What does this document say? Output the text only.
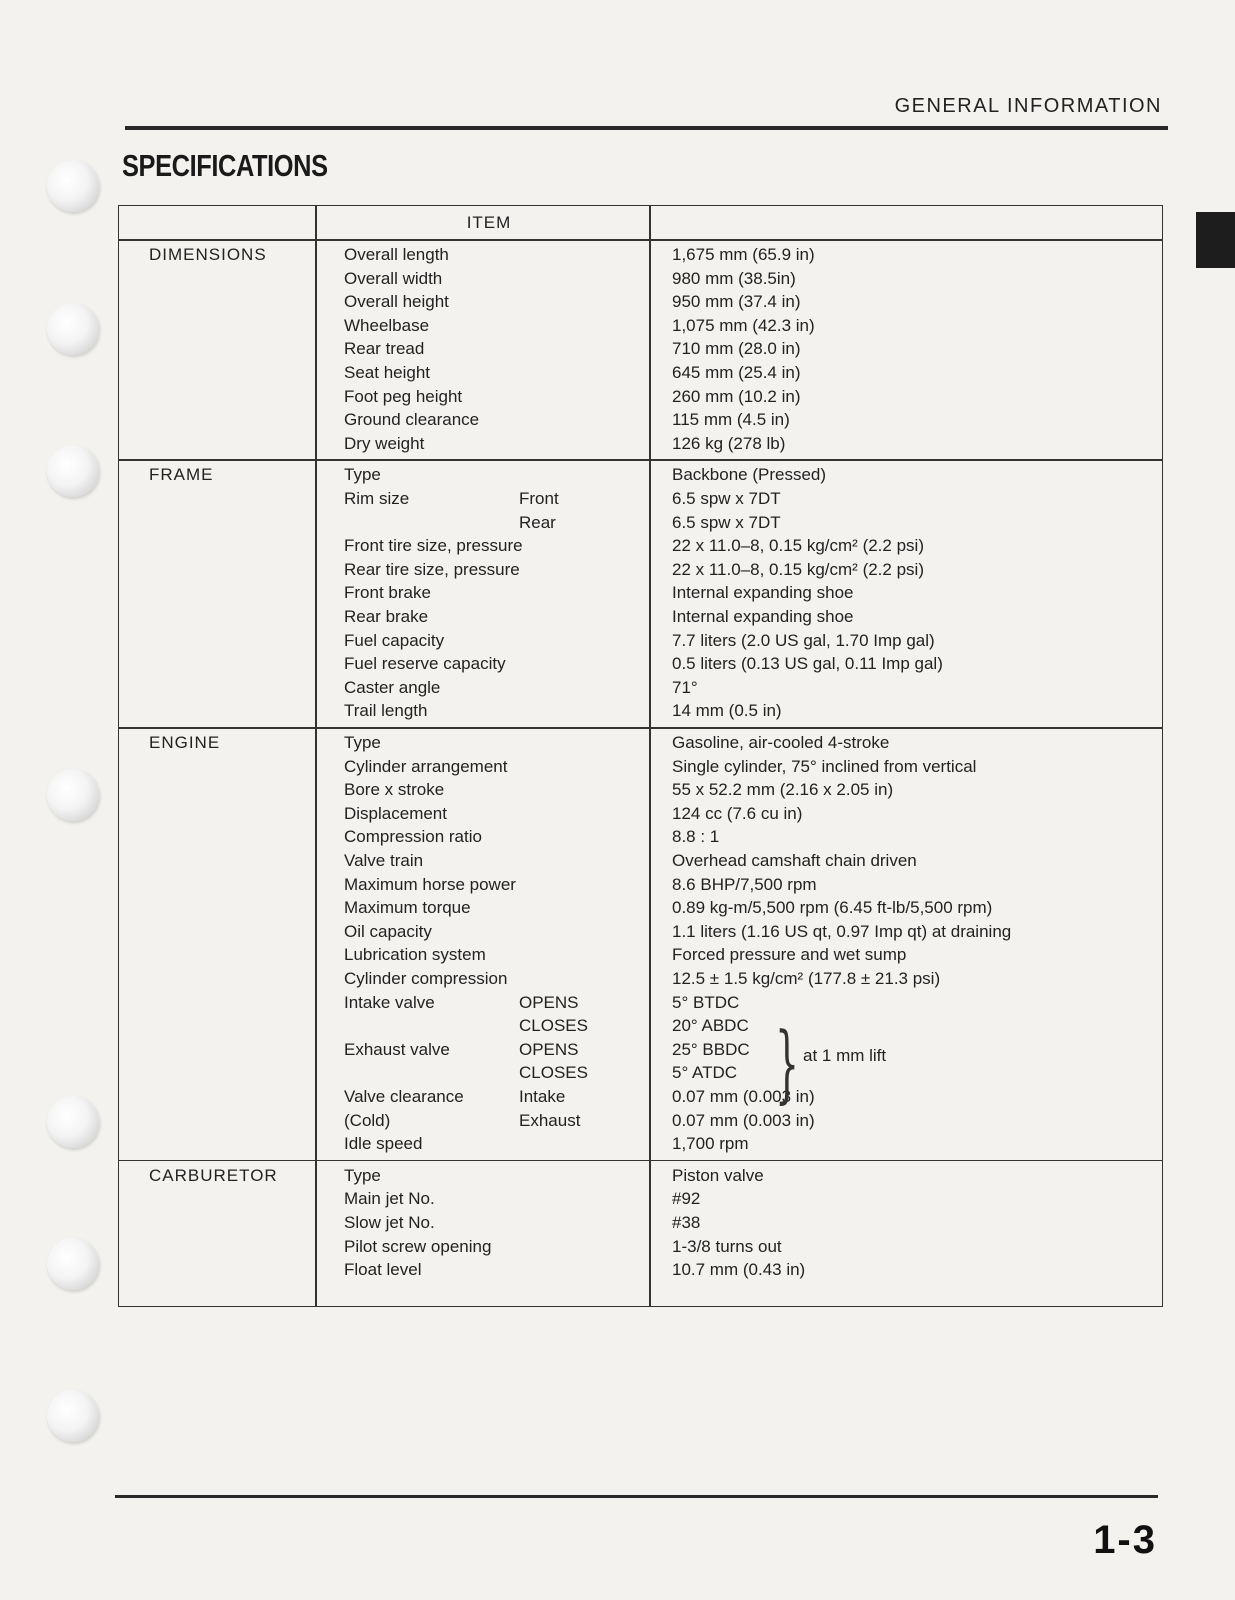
GENERAL INFORMATION
SPECIFICATIONS
ITEM
DIMENSIONS	Overall length	1,675 mm (65.9 in)
Overall width	980 mm (38.5in)
Overall height	950 mm (37.4 in)
Wheelbase	1,075 mm (42.3 in)
Rear tread	710 mm (28.0 in)
Seat height	645 mm (25.4 in)
Foot peg height	260 mm (10.2 in)
Ground clearance	115 mm (4.5 in)
Dry weight	126 kg (278 lb)
FRAME	Type	Backbone (Pressed)
Rim size	Front	6.5 spw x 7DT
Rear	6.5 spw x 7DT
Front tire size, pressure	22 x 11.0–8, 0.15 kg/cm² (2.2 psi)
Rear tire size, pressure	22 x 11.0–8, 0.15 kg/cm² (2.2 psi)
Front brake	Internal expanding shoe
Rear brake	Internal expanding shoe
Fuel capacity	7.7 liters (2.0 US gal, 1.70 Imp gal)
Fuel reserve capacity	0.5 liters (0.13 US gal, 0.11 Imp gal)
Caster angle	71°
Trail length	14 mm (0.5 in)
ENGINE	Type	Gasoline, air-cooled 4-stroke
Cylinder arrangement	Single cylinder, 75° inclined from vertical
Bore x stroke	55 x 52.2 mm (2.16 x 2.05 in)
Displacement	124 cc (7.6 cu in)
Compression ratio	8.8 : 1
Valve train	Overhead camshaft chain driven
Maximum horse power	8.6 BHP/7,500 rpm
Maximum torque	0.89 kg-m/5,500 rpm (6.45 ft-lb/5,500 rpm)
Oil capacity	1.1 liters (1.16 US qt, 0.97 Imp qt) at draining
Lubrication system	Forced pressure and wet sump
Cylinder compression	12.5 ± 1.5 kg/cm² (177.8 ± 21.3 psi)
Intake valve	OPENS	5° BTDC
CLOSES	20° ABDC
Exhaust valve	OPENS	25° BBDC
CLOSES	5° ATDC
Valve clearance	Intake	0.07 mm (0.003 in)
(Cold)	Exhaust	0.07 mm (0.003 in)
Idle speed	1,700 rpm
CARBURETOR	Type	Piston valve
Main jet No.	#92
Slow jet No.	#38
Pilot screw opening	1-3/8 turns out
Float level	10.7 mm (0.43 in)
1-3
} at 1 mm lift
